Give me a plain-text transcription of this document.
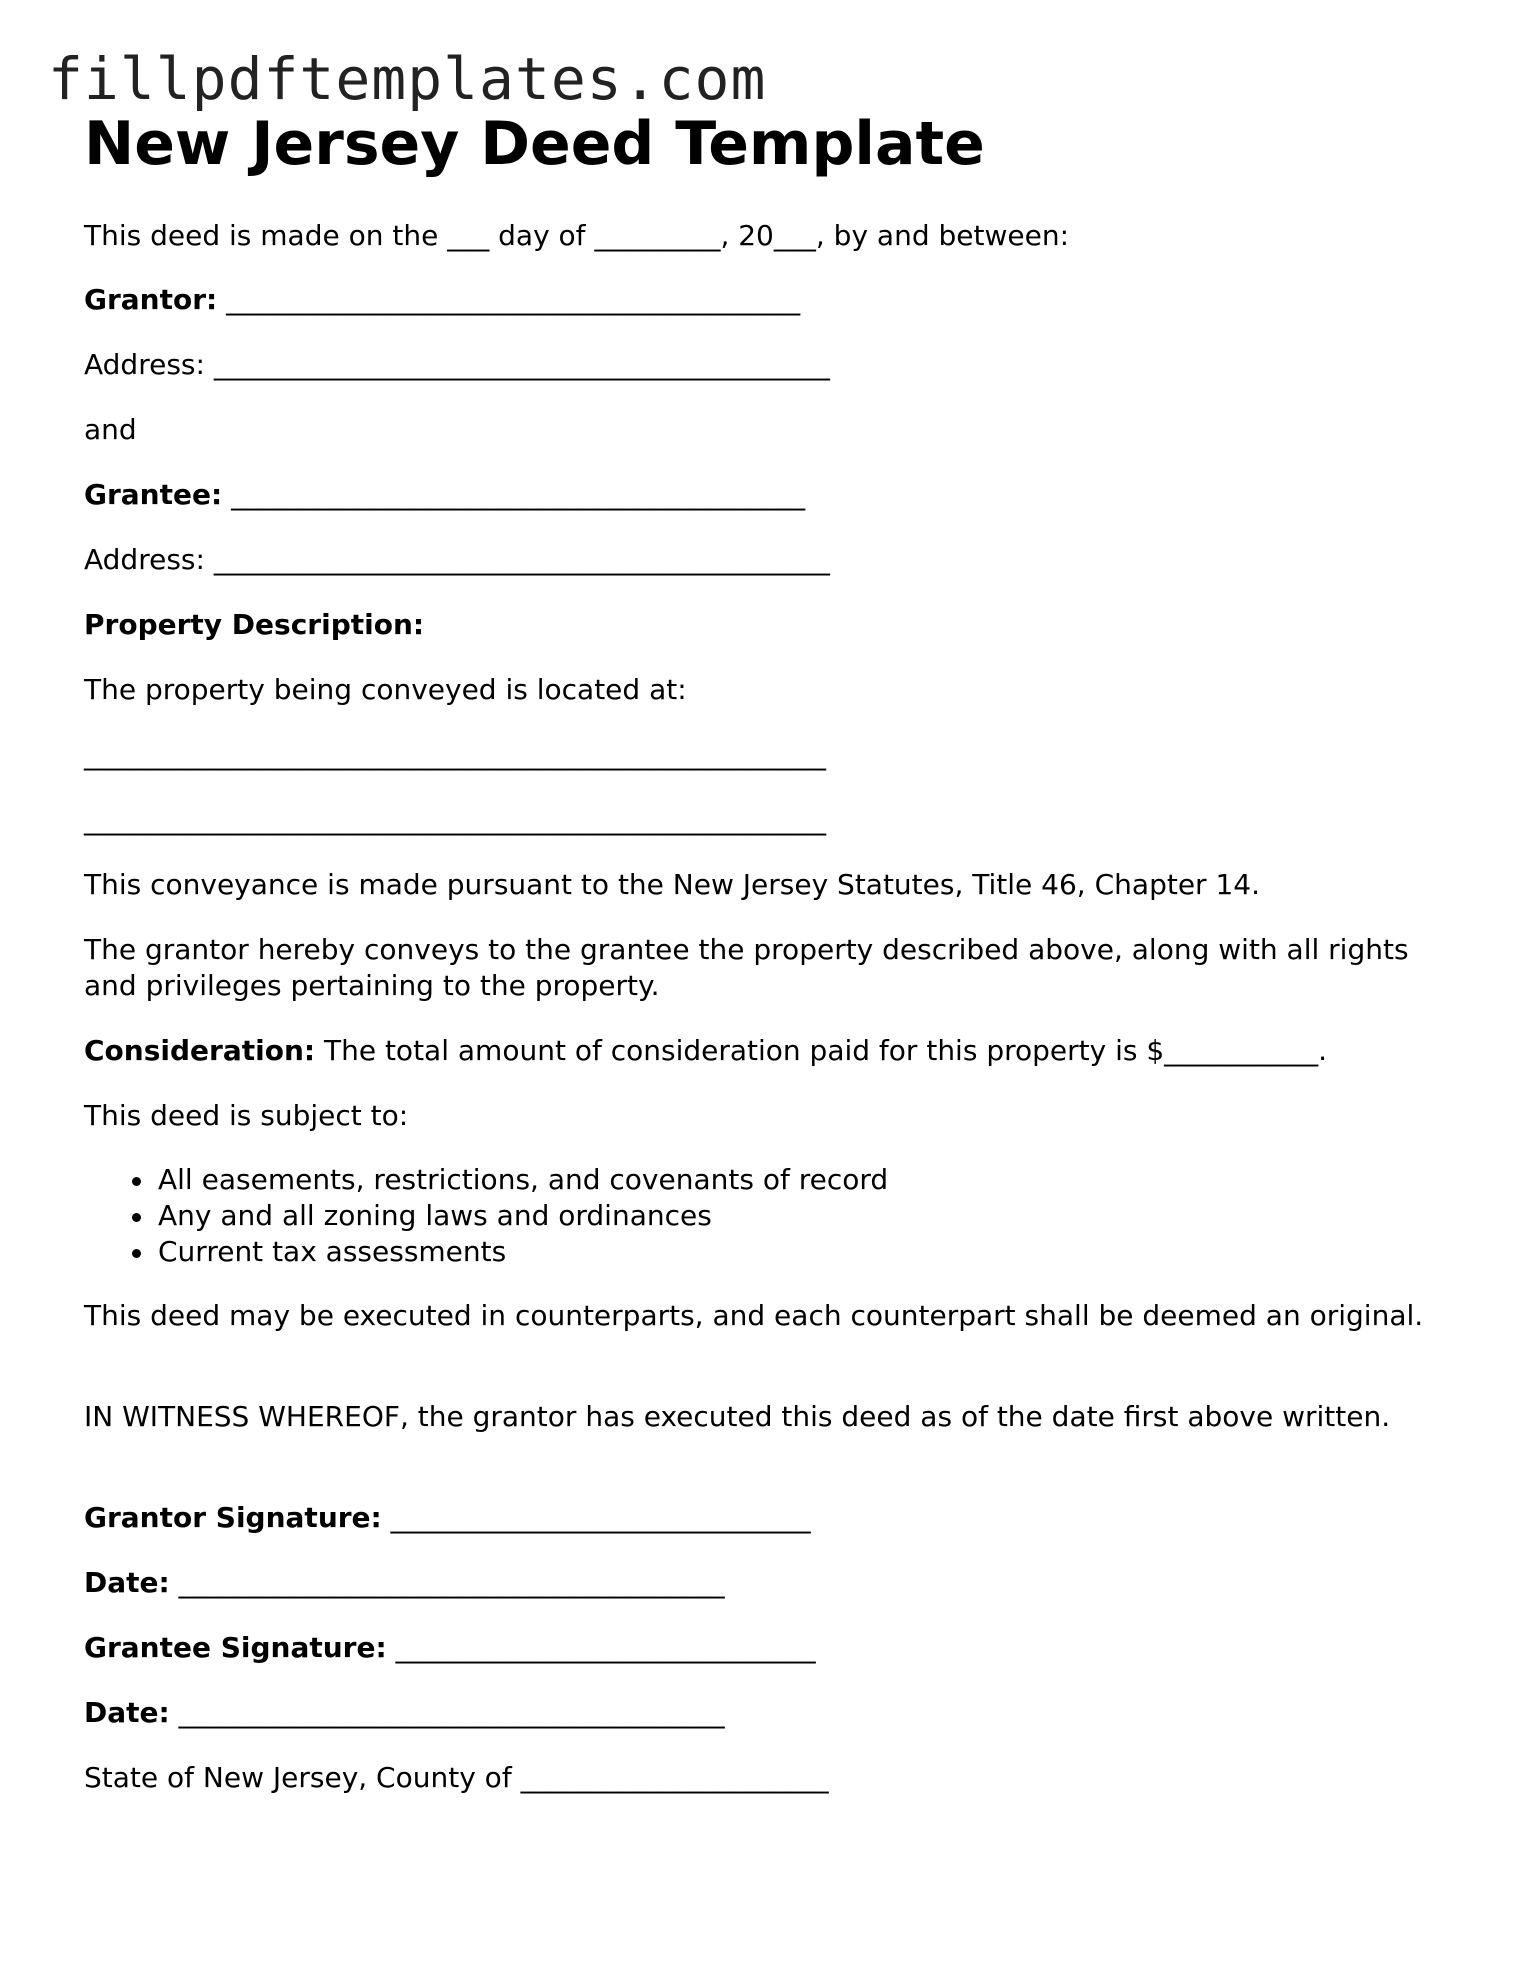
fillpdftemplates.com
New Jersey Deed Template
This deed is made on the ___ day of _________, 20___, by and between:
Grantor: _________________________________________
Address: ____________________________________________
and
Grantee: _________________________________________
Address: ____________________________________________
Property Description:
The property being conveyed is located at:
_____________________________________________________
_____________________________________________________
This conveyance is made pursuant to the New Jersey Statutes, Title 46, Chapter 14.
The grantor hereby conveys to the grantee the property described above, along with all rights and privileges pertaining to the property.
Consideration: The total amount of consideration paid for this property is $___________.
This deed is subject to:
All easements, restrictions, and covenants of record
Any and all zoning laws and ordinances
Current tax assessments
This deed may be executed in counterparts, and each counterpart shall be deemed an original.
IN WITNESS WHEREOF, the grantor has executed this deed as of the date first above written.
Grantor Signature: ______________________________
Date: _______________________________________
Grantee Signature: ______________________________
Date: _______________________________________
State of New Jersey, County of ______________________
